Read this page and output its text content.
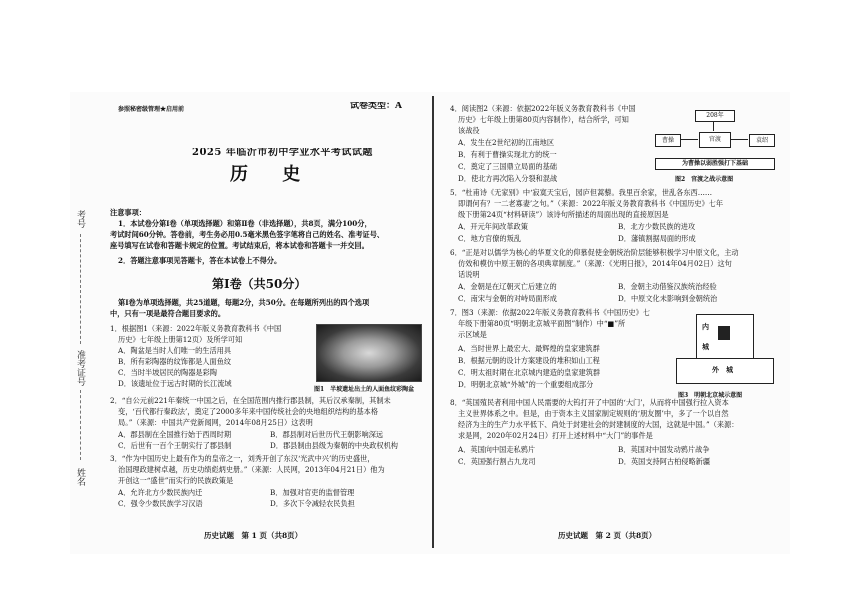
考号
准考证号
姓名
参照秘密级管理★启用前	试卷类型：A
2025 年临沂市初中学业水平考试试题
历 史
注意事项：
1．本试卷分第Ⅰ卷（单项选择题）和第Ⅱ卷（非选择题），共8页，满分100分，
考试时间60分钟。答卷前，考生务必用0.5毫米黑色签字笔将自己的姓名、准考证号、
座号填写在试卷和答题卡规定的位置。考试结束后，将本试卷和答题卡一并交回。
2．答题注意事项见答题卡，答在本试卷上不得分。
第Ⅰ卷（共50分）
第Ⅰ卷为单项选择题，共25道题，每题2分，共50分。在每题所列出的四个选项
中，只有一项是最符合题目要求的。
1．根据图1（来源：2022年版义务教育教科书《中国
历史》七年级上册第12页）及所学可知
A．陶盆是当时人们唯一的生活用具
B．所有彩陶器的纹饰都是人面鱼纹
C．当时半坡居民的陶器是彩陶
D．该遗址位于远古时期的长江流域
图1　半坡遗址出土的人面鱼纹彩陶盆
2．“自公元前221年秦统一中国之后，在全国范围内推行郡县制，其后汉承秦制，其制未
变，‘百代都行秦政法’，奠定了2000多年来中国传统社会的央地组织结构的基本格
局。”（来源：中国共产党新闻网，2014年08月25日）这表明
A．郡县制在全国推行始于西周时期	B．郡县制对后世历代王朝影响深远
C．后世有一百个王朝实行了郡县制	D．郡县制由县级为秦朝的中央政权机构
3．“作为中国历史上最有作为的皇帝之一，刘秀开创了东汉‘光武中兴’的历史盛世，
治国理政建树卓越，历史功绩彪炳史册。”（来源：人民网，2013年04月21日）他为
开创这一“盛世”而实行的民族政策是
A．允许北方少数民族内迁	B．加强对官吏的监督管理
C．强令少数民族学习汉语	D．多次下令减轻农民负担
历史试题　第 1 页（共8页）
4．阅读图2（来源：依据2022年版义务教育教科书《中国
历史》七年级上册第80页内容制作），结合所学，可知
该战役
A．发生在2世纪初的江南地区
B．有利于曹操实现北方的统一
C．奠定了三国鼎立局面的基础
D．使北方再次陷入分裂和混战
208年
曹操	官渡	袁绍
为曹操以弱胜强打下基础
图2　官渡之战示意图
5．“杜甫诗《无家别》中‘寂寞天宝后，园庐但蒿藜。我里百余家，世乱各东西……
即谓何有？一二老寡妻’之句。”（来源：2022年版义务教育教科书《中国历史》七年
级下册第24页“材料研读”）该诗句所描述的局面出现的直接原因是
A．开元年间改革政策	B．北方少数民族的进攻
C．地方官僚的叛乱	D．藩镇割据局面的形成
6．“正是对以儒学为核心的华夏文化的仰慕促使金朝统治阶层能够积极学习中原文化，主动
仿效和模仿中原王朝的各项典章制度。”（来源：《光明日报》，2014年04月02日）这句
话说明
A．金朝是在辽朝灭亡后建立的	B．金朝主动借鉴汉族统治经验
C．南宋与金朝的对峙局面形成	D．中原文化未影响到金朝统治
7．图3（来源：依据2022年版义务教育教科书《中国历史》七
年级下册第80页“明朝北京城平面图”制作）中“■”所
示区域是
A．当时世界上最宏大、最辉煌的皇家建筑群
B．根据元朝的设计方案建设的堆积如山工程
C．明太祖时期在北京城内建造的皇家建筑群
D．明朝北京城“外城”的一个重要组成部分
内
城
外　城
图3　明朝北京城示意图
8．“英国殖民者利用中国人民需要的大钨打开了中国的‘大门’，从而将中国强行拉入资本
主义世界体系之中。但是，由于资本主义国家制定规则的‘朋友圈’中，多了一个以自然
经济为主的生产力水平低下、尚处于封建社会的封建制度的大国，这就是中国。”（来源：
求是网，2020年02月24日）打开上述材料中“大门”的事件是
A．英国向中国走私鸦片	B．英国对中国发动鸦片战争
C．英国强行割占九龙司	D．英国支持阿古柏侵略新疆
历史试题　第 2 页（共8页）
